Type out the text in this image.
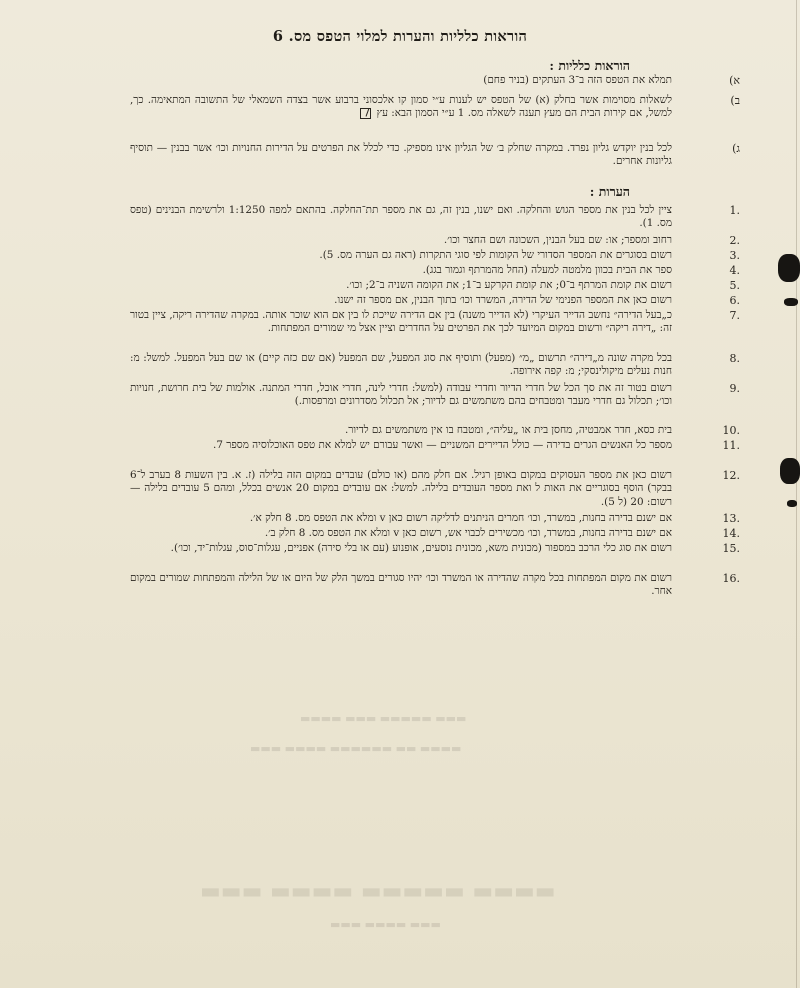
▬▬▬ ▬▬▬▬▬ ▬▬▬ ▬▬▬▬
▬▬▬▬ ▬▬ ▬▬▬▬▬▬ ▬▬▬▬ ▬▬▬
▬▬▬▬ ▬▬▬▬▬ ▬▬▬▬ ▬▬▬
▬▬▬ ▬▬▬▬ ▬▬▬
הוראות כלליות והערות למלוי הטפס מס. 6
הוראות כלליות :
א)
תמלא את הטפס הזה ב־3 העתקים (בניר פחם)
ב)
לשאלות מסוימות אשר בחלק (א) של הטפס יש לענות ע״י סמון קו אלכסוני ברבוע אשר בצדה השמאלי של התשובה המתאימה. כך, למשל, אם קירות הבית הם מעץ תענה לשאלה מס. 1 ע״י הסמון הבא: עץ
ג)
לכל בנין יוקדש גליון נפרד. במקרה שחלק ב׳ של הגליון אינו מספיק. כדי לכלל את הפרטים על הדירות החנויות וכו׳ אשר בבנין — תוסיף גליונות אחרים.
הערות :
.1
ציין לכל בנין את מספר הגוש והחלקה. ואם ישנו, בנין זה, גם את מספר תת־החלקה. בהתאם למפה 1:1250 ולרשימת הבנינים (טפס מס. 1).
.2
רחוב ומספר; או: שם בעל הבנין, השכונה ושם החצר וכו׳.
.3
רשום בסוגרים את המספר הסדורי של הקומות לפי סוגי התקרות (ראה גם הערה מס. 5).
.4
ספר את הבית בכוון מלמטה למעלה (החל מהמרתף וגמור בגג).
.5
רשום את קומת המרתף ב־0; את קומת הקרקע ב־1; את הקומה השניה ב־2; וכו׳.
.6
רשום כאן את המספר הפנימי של הדירה, המשרד וכו׳ בתוך הבנין, אם מספר זה ישנו.
.7
כ„בעל הדירה״ נחשב הדייר העיקרי (לא הדייר משנה) בין אם הדירה שייכת לו בין אם הוא שוכר אותה. במקרה שהדירה ריקה, ציין בטור זה: „דירה ריקה״ ורשום במקום המיועד לכך את הפרטים על החדרים וציין אצל מי שמורים המפתחות.
.8
בכל מקרה שונה מ„דירה״ תרשום „מ״ (מפעל) ותוסיף את סוג המפעל, שם המפעל (אם שם כזה קיים) או שם בעל המפעל. למשל: מ: חנות נעלים מיקולינסקי; מ: קפה אירופה.
.9
רשום בטור זה את סך הכל של חדרי הדיור וחדרי עבודה (למשל: חדרי לינה, חדרי אוכל, חדרי המתנה. אולמות של בית חרושת, חנויות וכו׳; תכלול גם חדרי מעבר ומטבחים בהם משתמשים גם לדיור; אל תכלול מסדרונים ומרפסות.)
.10
בית כסא, חדר אמבטיה, מחסן בית או „עליה״, ומטבח בו אין משתמשים גם לדיור.
.11
מספר כל האנשים הגרים בדירה — כולל הדיירים המשניים — ואשר עבורם יש למלא את טפס האוכלוסיה מספר 7.
.12
רשום כאן את מספר העסוקים במקום באופן רגיל. אם חלק מהם (או כולם) עובדים במקום הזה בלילה (ז. א. בין השעות 8 בערב ל־6 בבקר) הוסף בסוגריים את האות ל ואת מספר העובדים בלילה. למשל: אם עובדים במקום 20 אנשים בכלל, ומהם 5 עובדים בלילה — רשום: 20 (ל 5).
.13
אם ישנם בדירה בחנות, במשרד, וכו׳ חמרים הניתנים לדליקה רשום כאן v ומלא את הטפס מס. 8 חלק א׳.
.14
אם ישנם בדירה בחנות, במשרד, וכו׳ מכשירים לכבוי אש, רשום כאן v ומלא את הטפס מס. 8 חלק ב׳.
.15
רשום את סוג כלי הרכב במספור (מכונית משא, מכונית נוסעים, אופנוע (עם או בלי סירה) אפניים, עגלות־סוס, עגלות־יד, וכו׳).
.16
רשום את מקום המפתחות בכל מקרה שהדירה או המשרד וכו׳ יהיו סגורים במשך הלק של היום או של הלילה והמפתחות שמורים במקום אחר.
